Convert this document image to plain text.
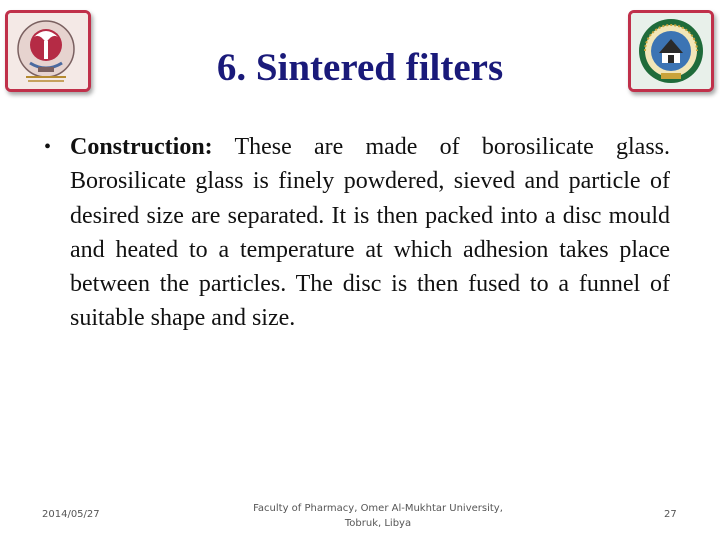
6. Sintered filters
• Construction: These are made of borosilicate glass. Borosilicate glass is finely powdered, sieved and particle of desired size are separated. It is then packed into a disc mould and heated to a temperature at which adhesion takes place between the particles. The disc is then fused to a funnel of suitable shape and size.
2014/05/27
Faculty of Pharmacy, Omer Al-Mukhtar University,
Tobruk, Libya
27
